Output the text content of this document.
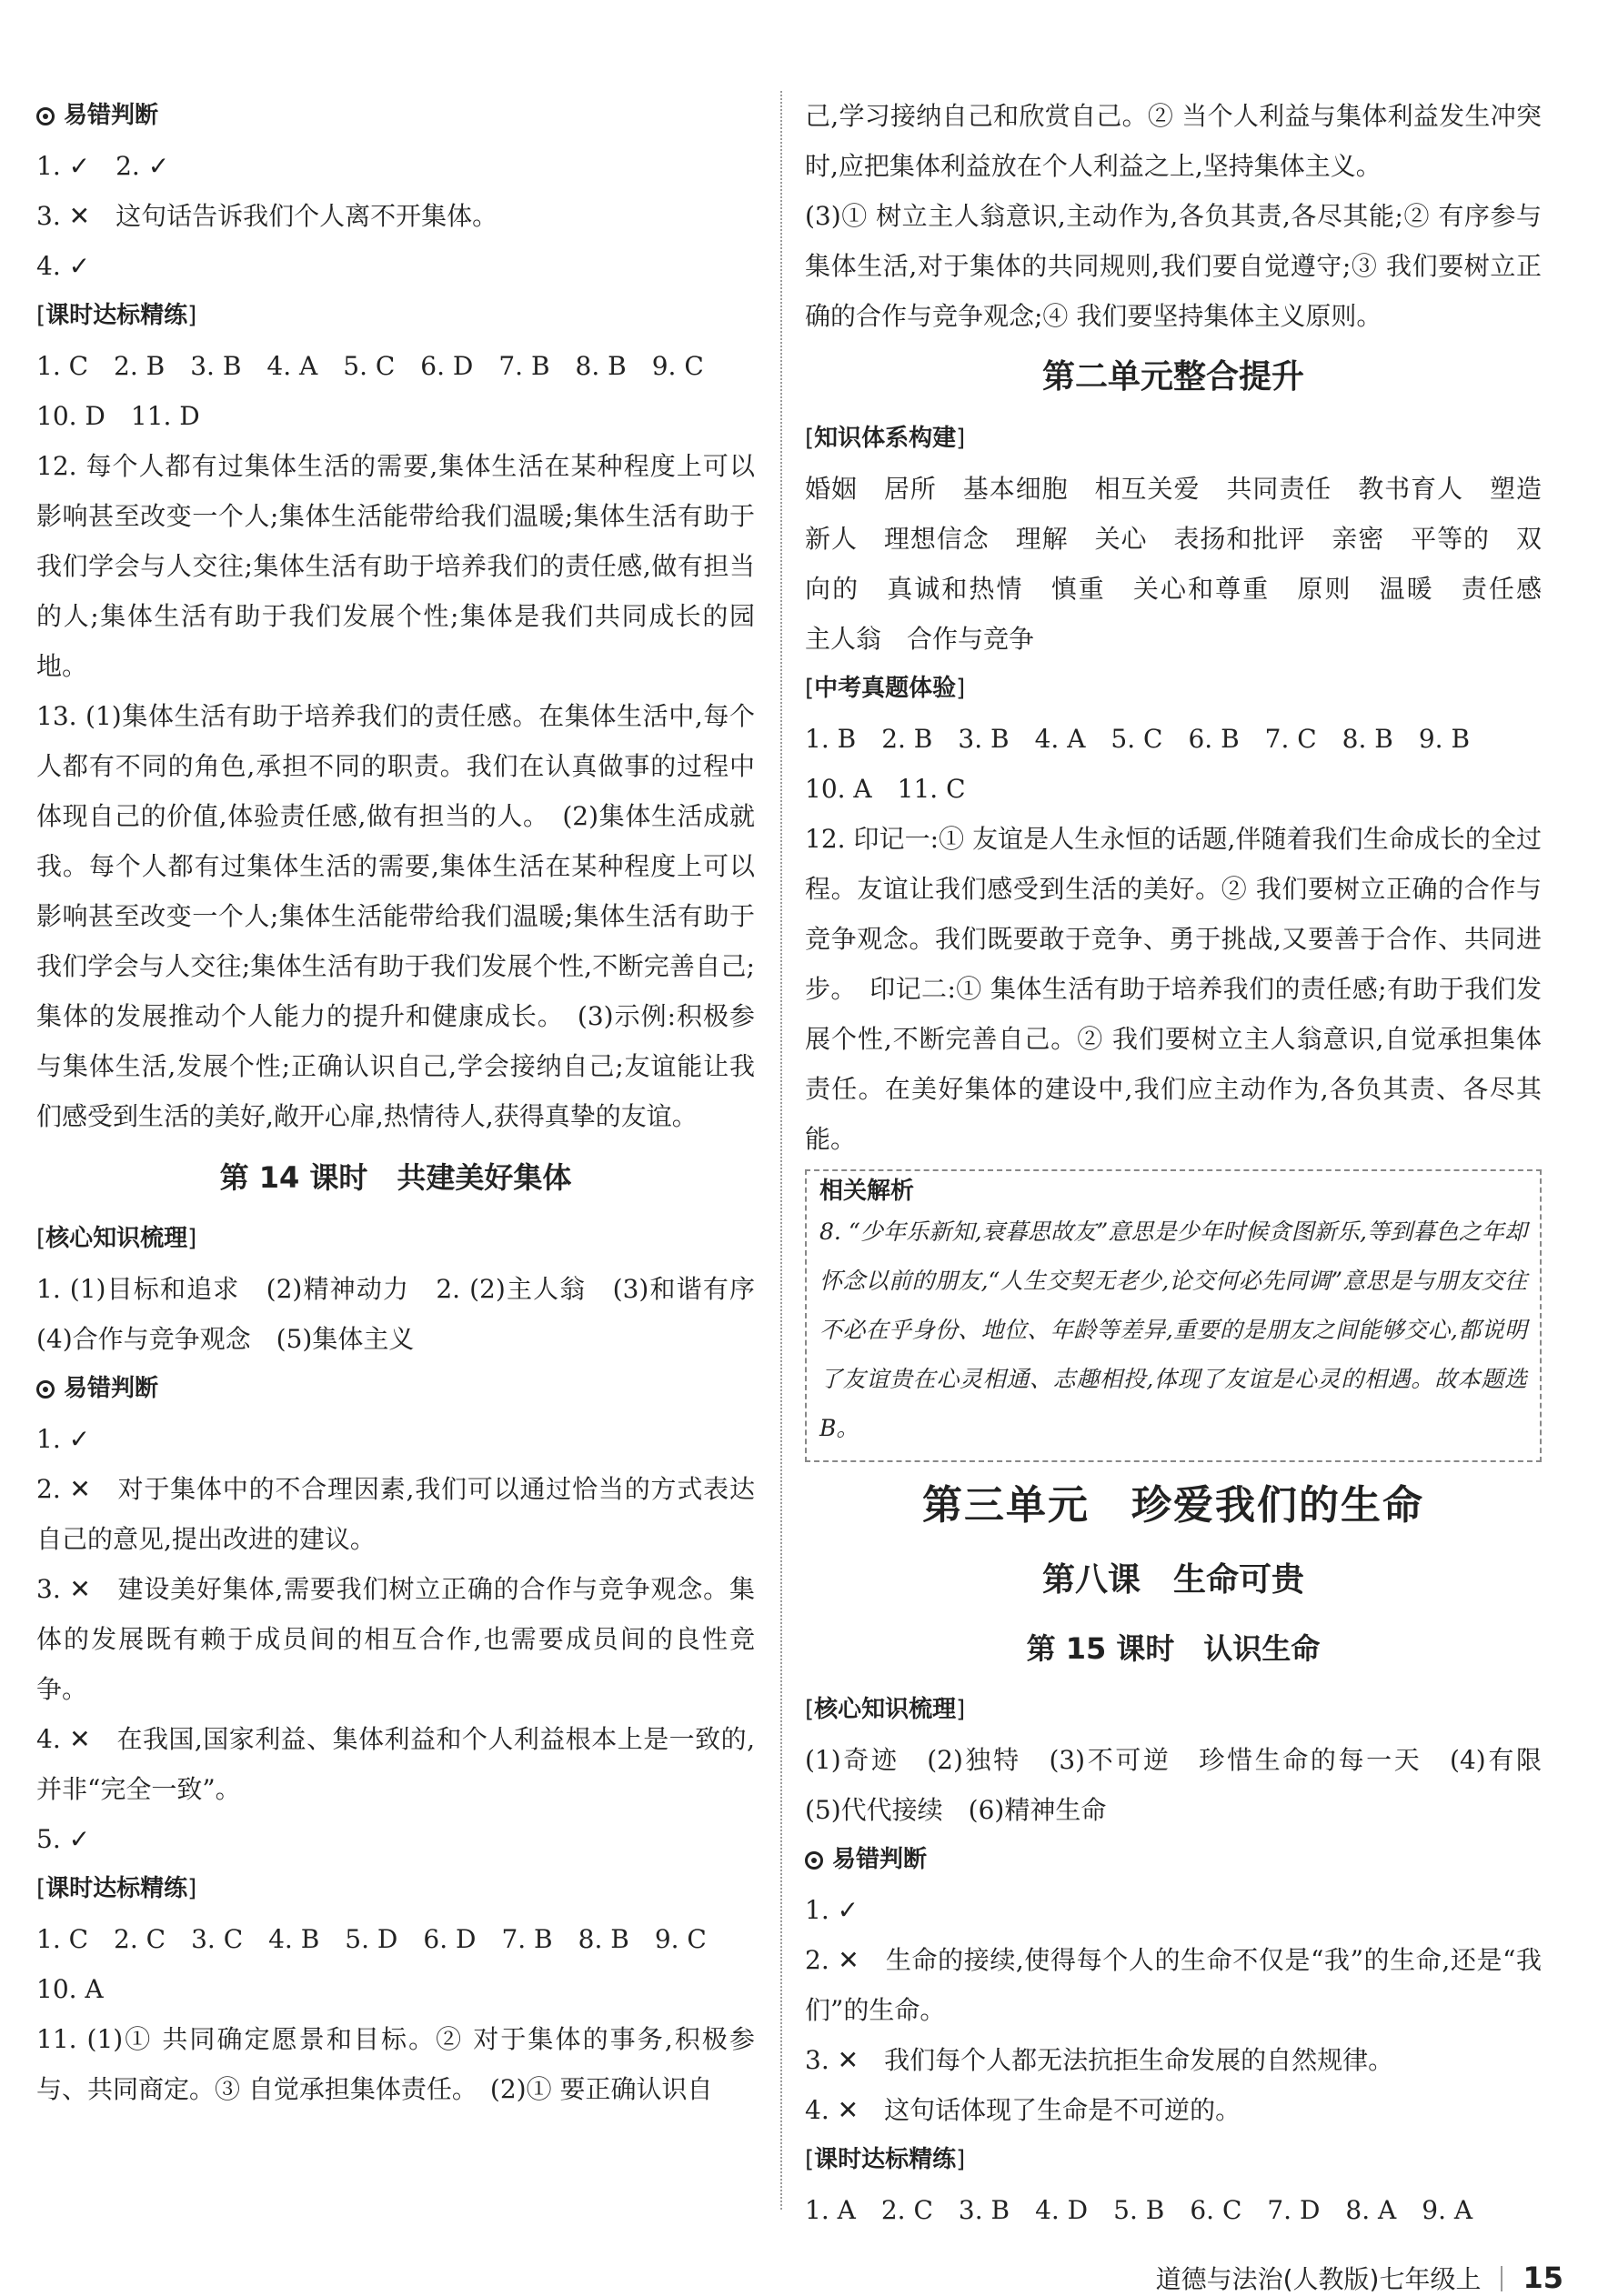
易错判断

1. ✓　2. ✓

3. ✕　这句话告诉我们个人离不开集体。

4. ✓

[课时达标精练]

1. C　2. B　3. B　4. A　5. C　6. D　7. B　8. B　9. C

10. D　11. D

12. 每个人都有过集体生活的需要,集体生活在某种程度上可以影响甚至改变一个人;集体生活能带给我们温暖;集体生活有助于我们学会与人交往;集体生活有助于培养我们的责任感,做有担当的人;集体生活有助于我们发展个性;集体是我们共同成长的园地。

13. (1)集体生活有助于培养我们的责任感。在集体生活中,每个人都有不同的角色,承担不同的职责。我们在认真做事的过程中体现自己的价值,体验责任感,做有担当的人。　(2)集体生活成就我。每个人都有过集体生活的需要,集体生活在某种程度上可以影响甚至改变一个人;集体生活能带给我们温暖;集体生活有助于我们学会与人交往;集体生活有助于我们发展个性,不断完善自己;集体的发展推动个人能力的提升和健康成长。　(3)示例:积极参与集体生活,发展个性;正确认识自己,学会接纳自己;友谊能让我们感受到生活的美好,敞开心扉,热情待人,获得真挚的友谊。

第 14 课时　共建美好集体

[核心知识梳理]

1. (1)目标和追求　(2)精神动力　2. (2)主人翁　(3)和谐有序　(4)合作与竞争观念　(5)集体主义

易错判断

1. ✓

2. ✕　对于集体中的不合理因素,我们可以通过恰当的方式表达自己的意见,提出改进的建议。

3. ✕　建设美好集体,需要我们树立正确的合作与竞争观念。集体的发展既有赖于成员间的相互合作,也需要成员间的良性竞争。

4. ✕　在我国,国家利益、集体利益和个人利益根本上是一致的,并非“完全一致”。

5. ✓

[课时达标精练]

1. C　2. C　3. C　4. B　5. D　6. D　7. B　8. B　9. C

10. A

11. (1)① 共同确定愿景和目标。② 对于集体的事务,积极参与、共同商定。③ 自觉承担集体责任。　(2)① 要正确认识自

己,学习接纳自己和欣赏自己。② 当个人利益与集体利益发生冲突时,应把集体利益放在个人利益之上,坚持集体主义。

(3)① 树立主人翁意识,主动作为,各负其责,各尽其能;② 有序参与集体生活,对于集体的共同规则,我们要自觉遵守;③ 我们要树立正确的合作与竞争观念;④ 我们要坚持集体主义原则。

第二单元整合提升

[知识体系构建]

婚姻　居所　基本细胞　相互关爱　共同责任　教书育人　塑造新人　理想信念　理解　关心　表扬和批评　亲密　平等的　双向的　真诚和热情　慎重　关心和尊重　原则　温暖　责任感　主人翁　合作与竞争

[中考真题体验]

1. B　2. B　3. B　4. A　5. C　6. B　7. C　8. B　9. B

10. A　11. C

12. 印记一:① 友谊是人生永恒的话题,伴随着我们生命成长的全过程。友谊让我们感受到生活的美好。② 我们要树立正确的合作与竞争观念。我们既要敢于竞争、勇于挑战,又要善于合作、共同进步。　印记二:① 集体生活有助于培养我们的责任感;有助于我们发展个性,不断完善自己。② 我们要树立主人翁意识,自觉承担集体责任。在美好集体的建设中,我们应主动作为,各负其责、各尽其能。

相关解析

8. “少年乐新知,衰暮思故友”意思是少年时候贪图新乐,等到暮色之年却怀念以前的朋友,“人生交契无老少,论交何必先同调”意思是与朋友交往不必在乎身份、地位、年龄等差异,重要的是朋友之间能够交心,都说明了友谊贵在心灵相通、志趣相投,体现了友谊是心灵的相遇。故本题选 B。

第三单元　珍爱我们的生命
第八课　生命可贵
第 15 课时　认识生命

[核心知识梳理]

(1)奇迹　(2)独特　(3)不可逆　珍惜生命的每一天　(4)有限　(5)代代接续　(6)精神生命

易错判断

1. ✓

2. ✕　生命的接续,使得每个人的生命不仅是“我”的生命,还是“我们”的生命。

3. ✕　我们每个人都无法抗拒生命发展的自然规律。

4. ✕　这句话体现了生命是不可逆的。

[课时达标精练]

1. A　2. C　3. B　4. D　5. B　6. C　7. D　8. A　9. A

道德与法治(人教版)七年级上 15
